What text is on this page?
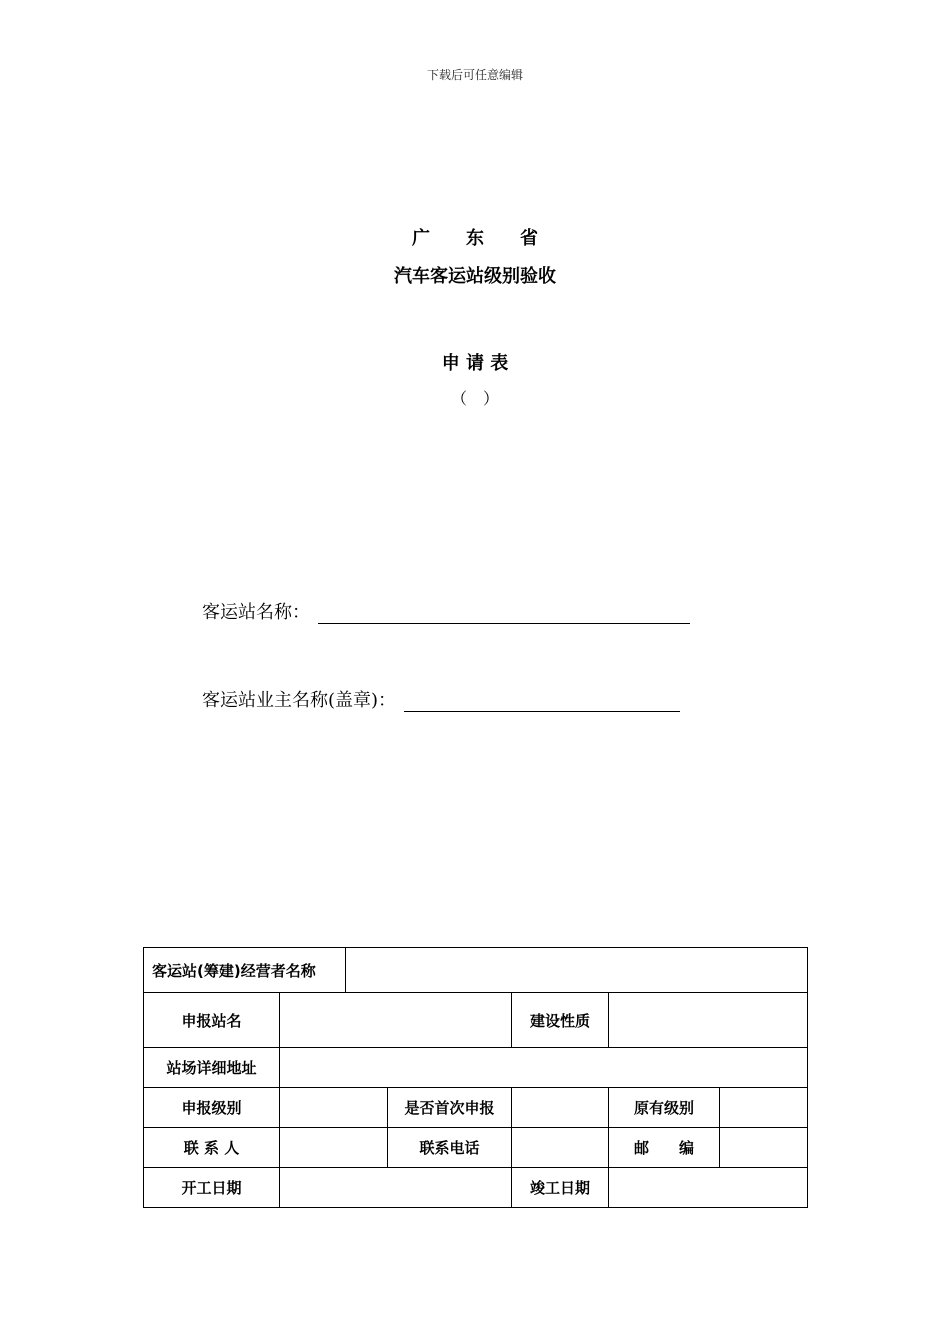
下载后可任意编辑
广　　东　　省
汽车客运站级别验收
申 请 表
（　）
客运站名称：
客运站业主名称(盖章)：
客运站(筹建)经营者名称						
申报站名				建设性质		
站场详细地址						
申报级别			是否首次申报		原有级别	
联 系 人			联系电话		邮　　编	
开工日期				竣工日期		
